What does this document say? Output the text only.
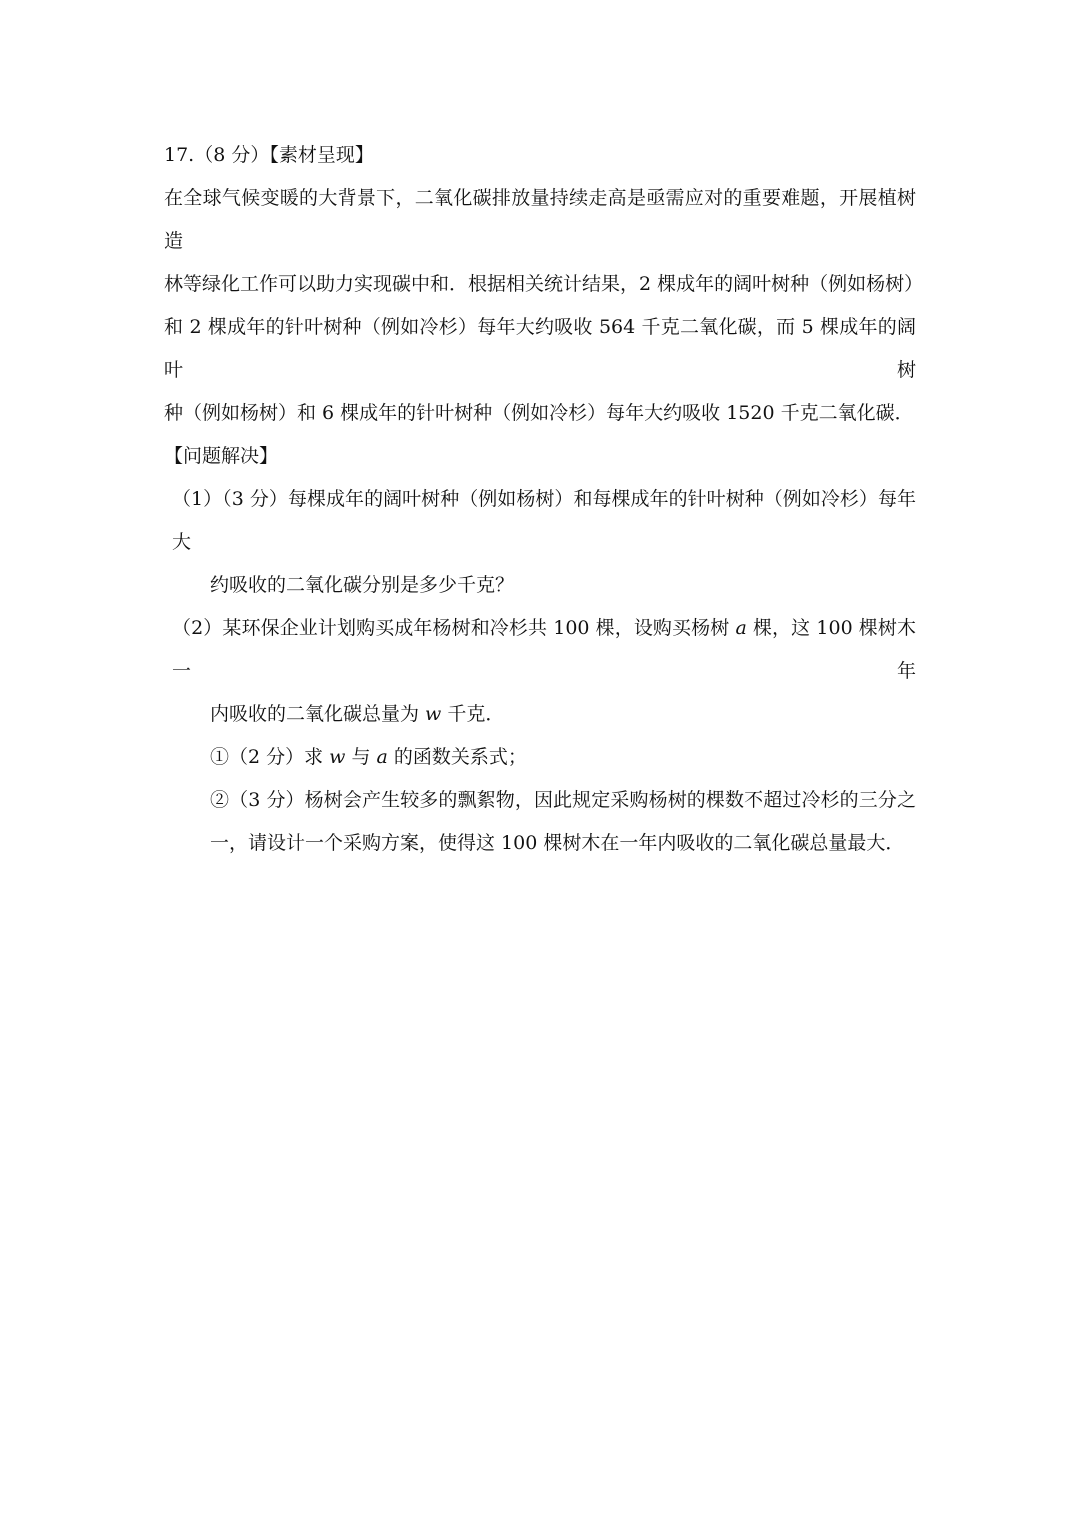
17.（8 分）【素材呈现】
在全球气候变暖的大背景下，二氧化碳排放量持续走高是亟需应对的重要难题，开展植树造
林等绿化工作可以助力实现碳中和．根据相关统计结果，2 棵成年的阔叶树种（例如杨树）
和 2 棵成年的针叶树种（例如冷杉）每年大约吸收 564 千克二氧化碳，而 5 棵成年的阔叶树
种（例如杨树）和 6 棵成年的针叶树种（例如冷杉）每年大约吸收 1520 千克二氧化碳．
【问题解决】
（1）（3 分）每棵成年的阔叶树种（例如杨树）和每棵成年的针叶树种（例如冷杉）每年大
约吸收的二氧化碳分别是多少千克？
（2）某环保企业计划购买成年杨树和冷杉共 100 棵，设购买杨树 a 棵，这 100 棵树木一年
内吸收的二氧化碳总量为 w 千克．
①（2 分）求 w 与 a 的函数关系式；
②（3 分）杨树会产生较多的飘絮物，因此规定采购杨树的棵数不超过冷杉的三分之
一，请设计一个采购方案，使得这 100 棵树木在一年内吸收的二氧化碳总量最大．
